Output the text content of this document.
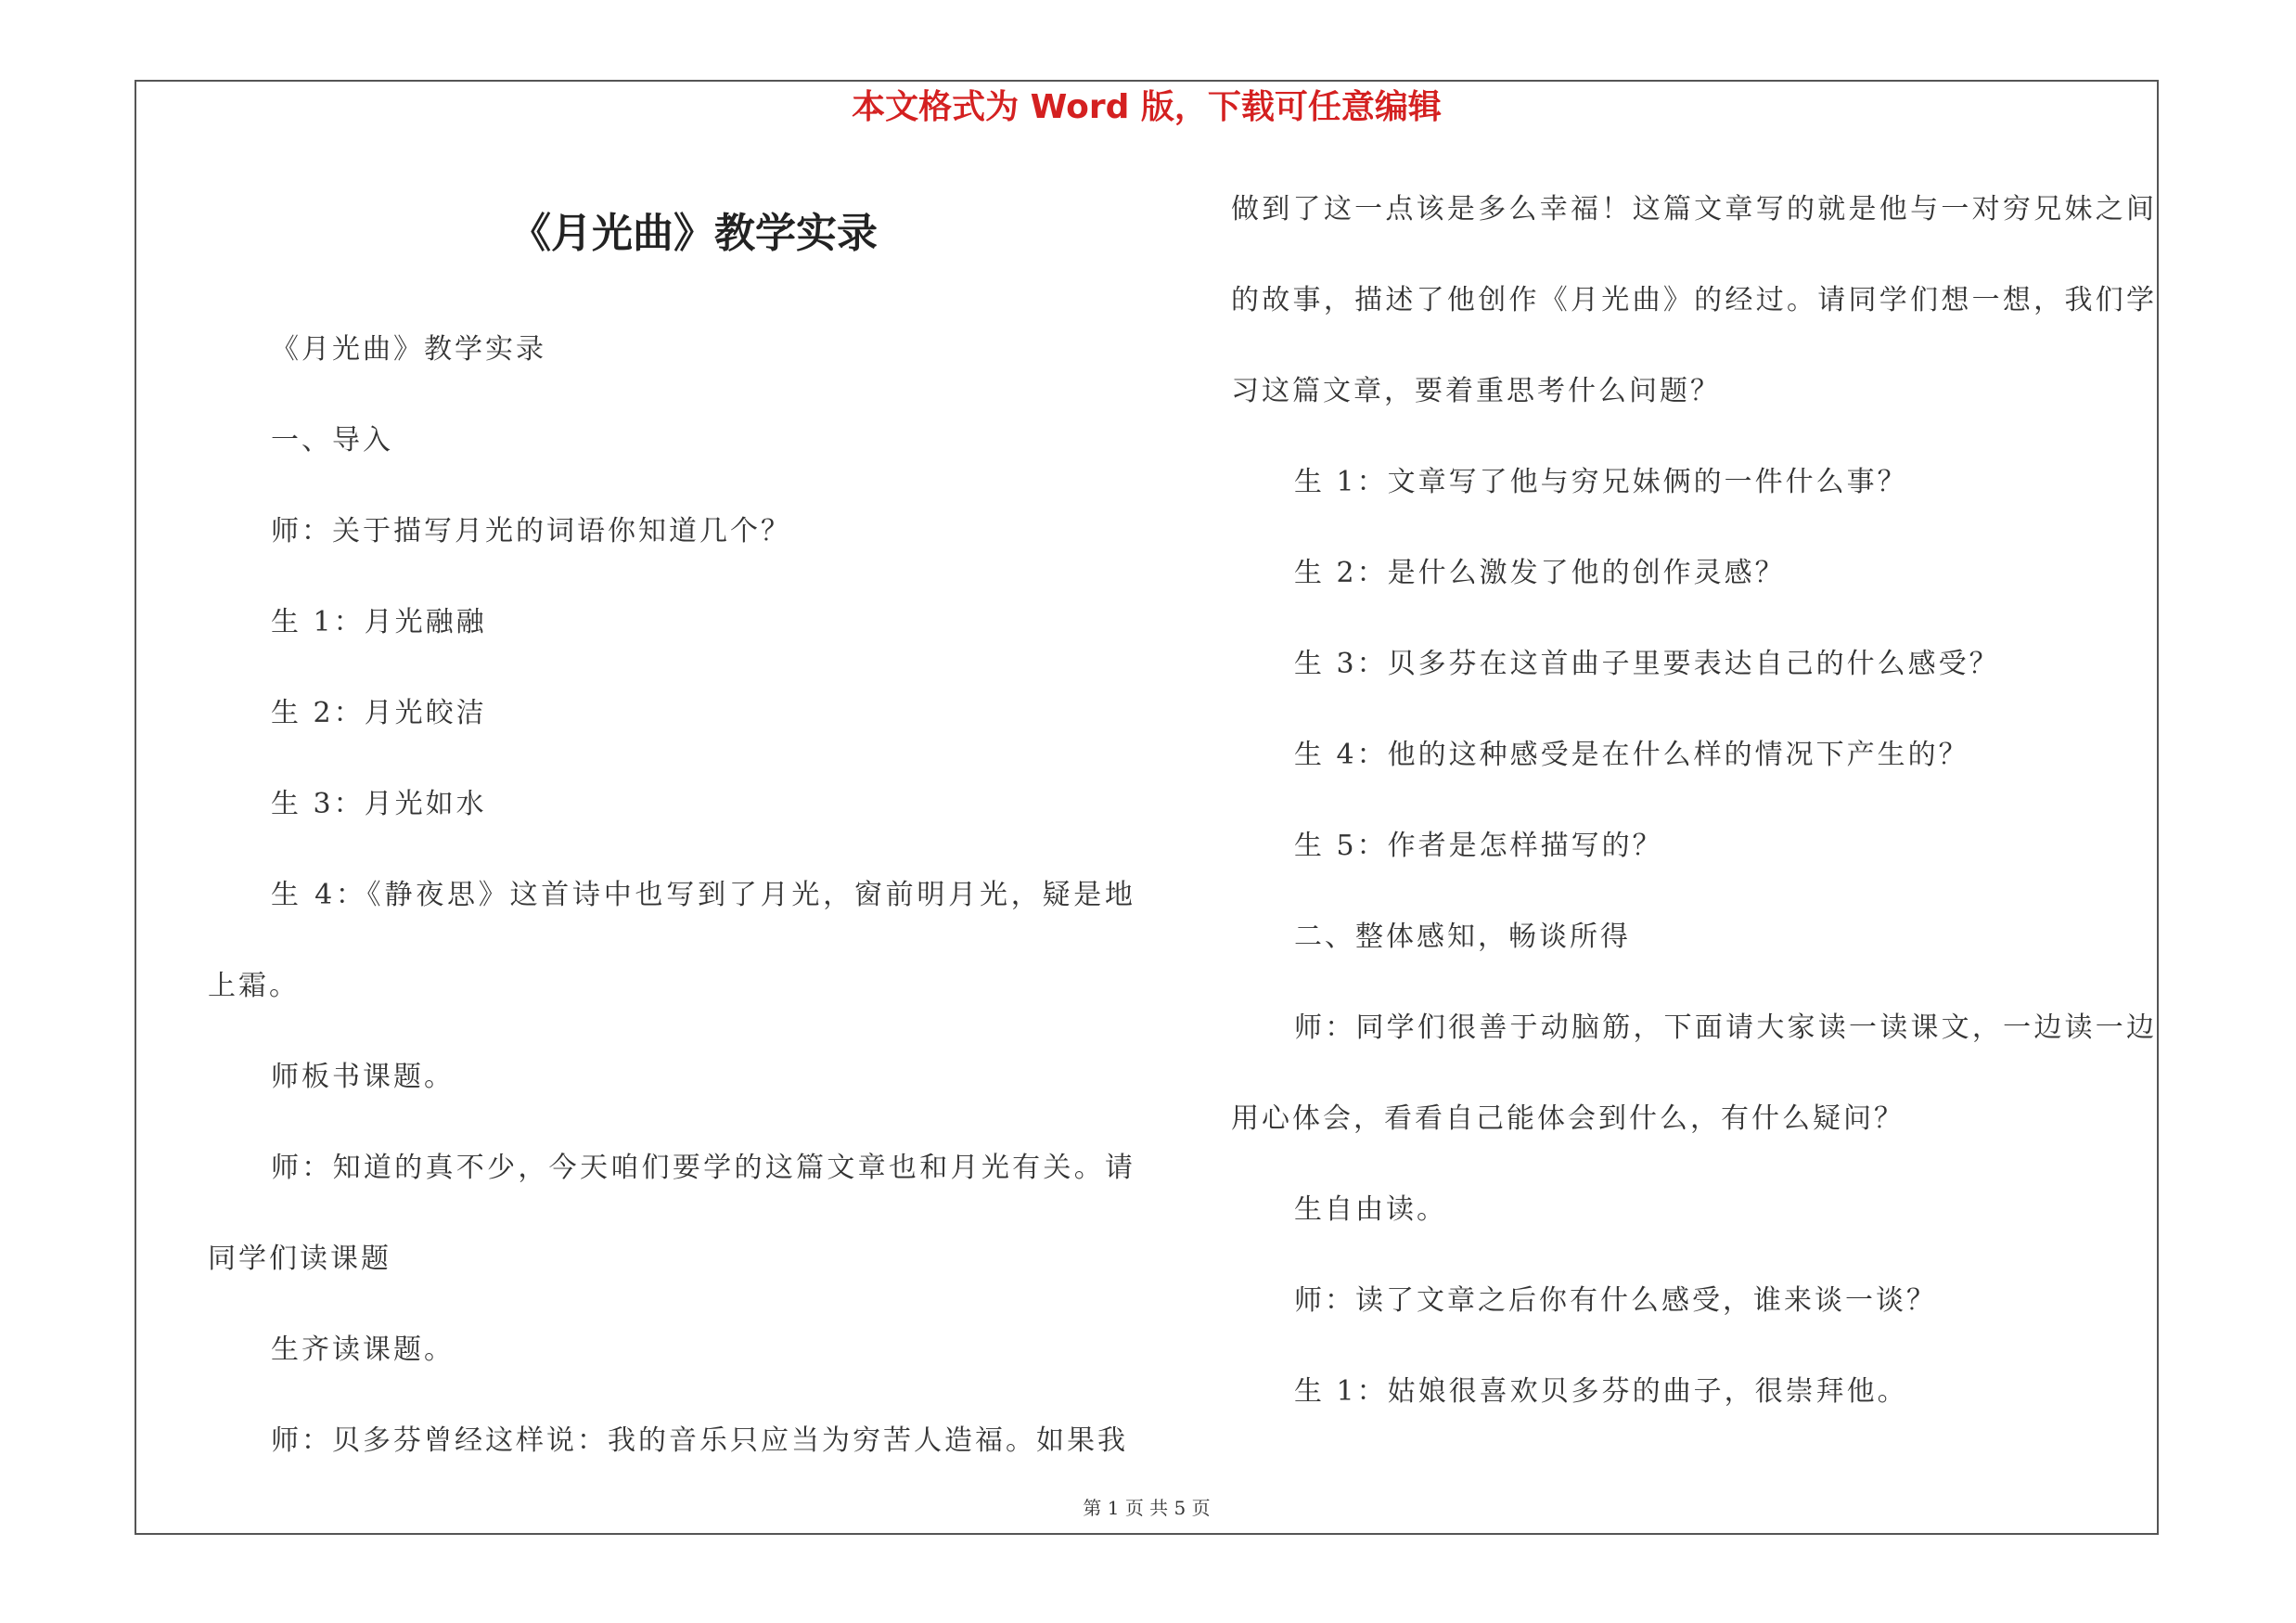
本文格式为 Word 版，下载可任意编辑
《月光曲》教学实录

《月光曲》教学实录

一、导入

师：关于描写月光的词语你知道几个？

生 1：月光融融

生 2：月光皎洁

生 3：月光如水

生 4：《静夜思》这首诗中也写到了月光，窗前明月光，疑是地上霜。

师板书课题。

师：知道的真不少，今天咱们要学的这篇文章也和月光有关。请同学们读课题

生齐读课题。

师：贝多芬曾经这样说：我的音乐只应当为穷苦人造福。如果我

做到了这一点该是多么幸福！这篇文章写的就是他与一对穷兄妹之间的故事，描述了他创作《月光曲》的经过。请同学们想一想，我们学习这篇文章，要着重思考什么问题？

生 1：文章写了他与穷兄妹俩的一件什么事？

生 2：是什么激发了他的创作灵感？

生 3：贝多芬在这首曲子里要表达自己的什么感受？

生 4：他的这种感受是在什么样的情况下产生的？

生 5：作者是怎样描写的？

二、整体感知，畅谈所得

师：同学们很善于动脑筋，下面请大家读一读课文，一边读一边用心体会，看看自己能体会到什么，有什么疑问？

生自由读。

师：读了文章之后你有什么感受，谁来谈一谈？

生 1：姑娘很喜欢贝多芬的曲子，很崇拜他。

第 1 页 共 5 页
